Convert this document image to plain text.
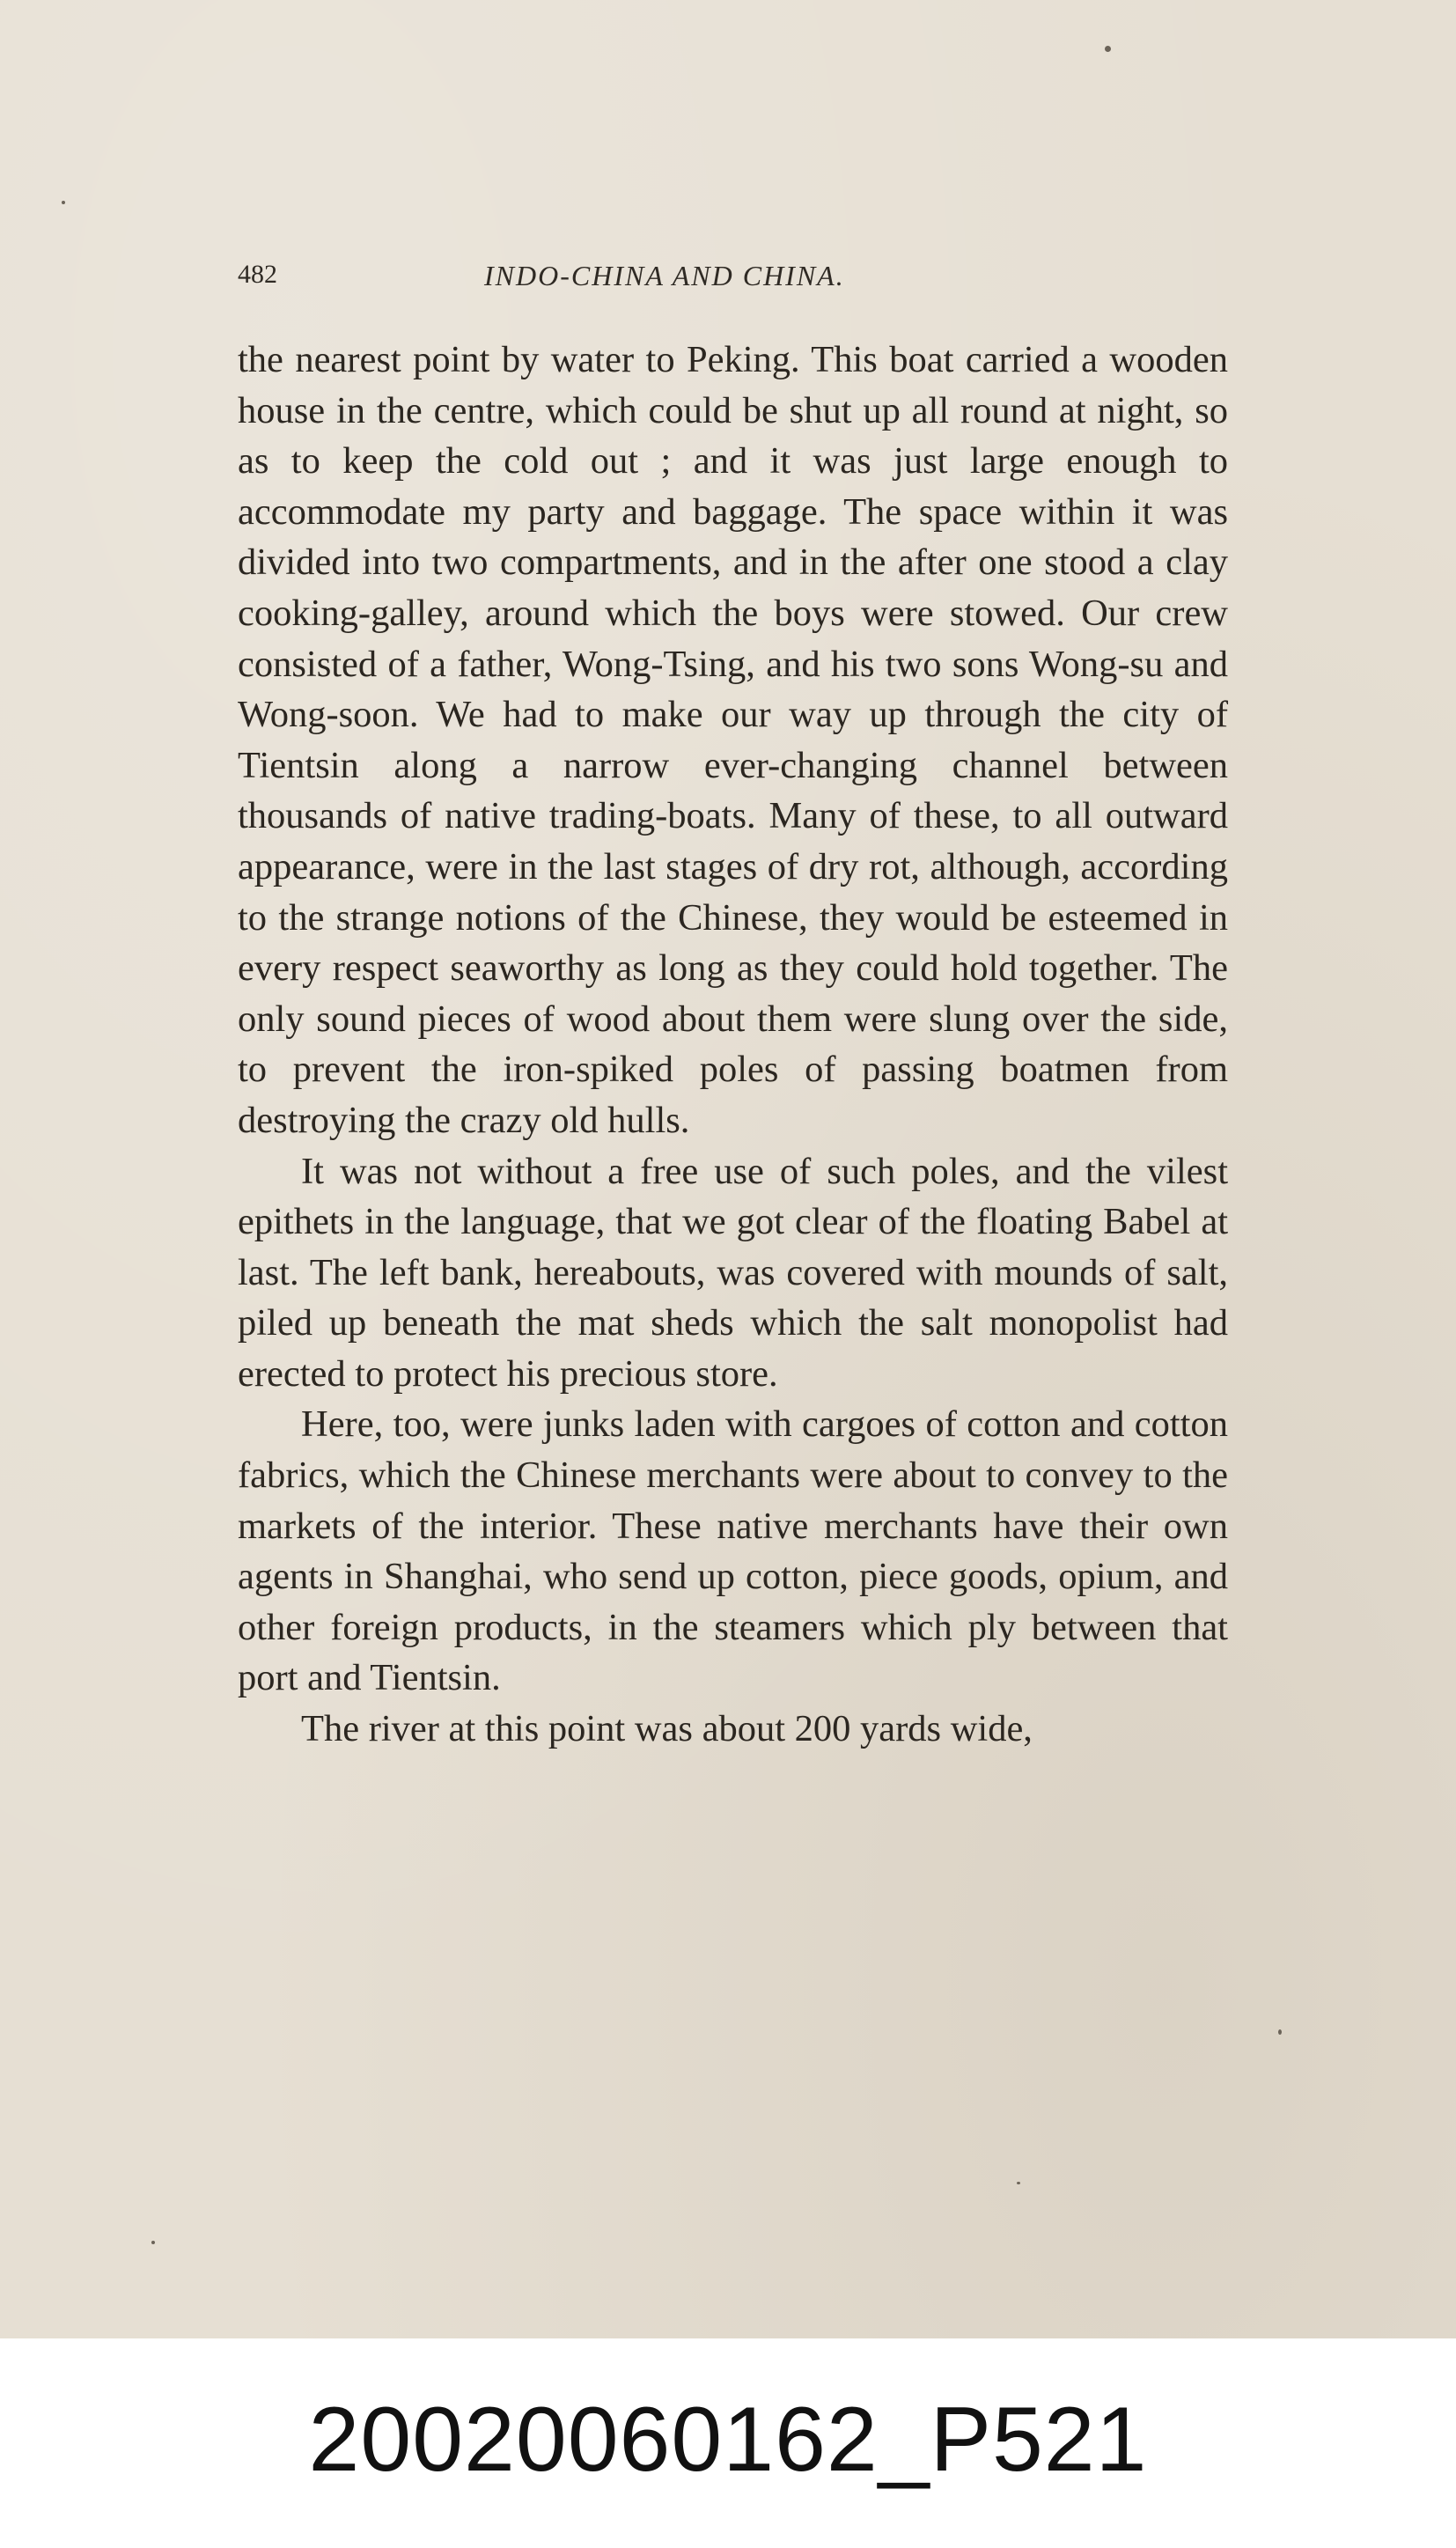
482	INDO-CHINA AND CHINA.

the nearest point by water to Peking. This boat carried a wooden house in the centre, which could be shut up all round at night, so as to keep the cold out ; and it was just large enough to accommodate my party and baggage. The space within it was divided into two compartments, and in the after one stood a clay cooking-galley, around which the boys were stowed. Our crew consisted of a father, Wong-Tsing, and his two sons Wong-su and Wong-soon. We had to make our way up through the city of Tientsin along a narrow ever-changing channel between thousands of native trading-boats. Many of these, to all outward appearance, were in the last stages of dry rot, although, according to the strange notions of the Chinese, they would be esteemed in every respect seaworthy as long as they could hold together. The only sound pieces of wood about them were slung over the side, to prevent the iron-spiked poles of passing boatmen from destroying the crazy old hulls.

It was not without a free use of such poles, and the vilest epithets in the language, that we got clear of the floating Babel at last. The left bank, hereabouts, was covered with mounds of salt, piled up beneath the mat sheds which the salt monopolist had erected to protect his precious store.

Here, too, were junks laden with cargoes of cotton and cotton fabrics, which the Chinese merchants were about to convey to the markets of the interior. These native merchants have their own agents in Shanghai, who send up cotton, piece goods, opium, and other foreign products, in the steamers which ply between that port and Tientsin.

The river at this point was about 200 yards wide,

20020060162_P521
